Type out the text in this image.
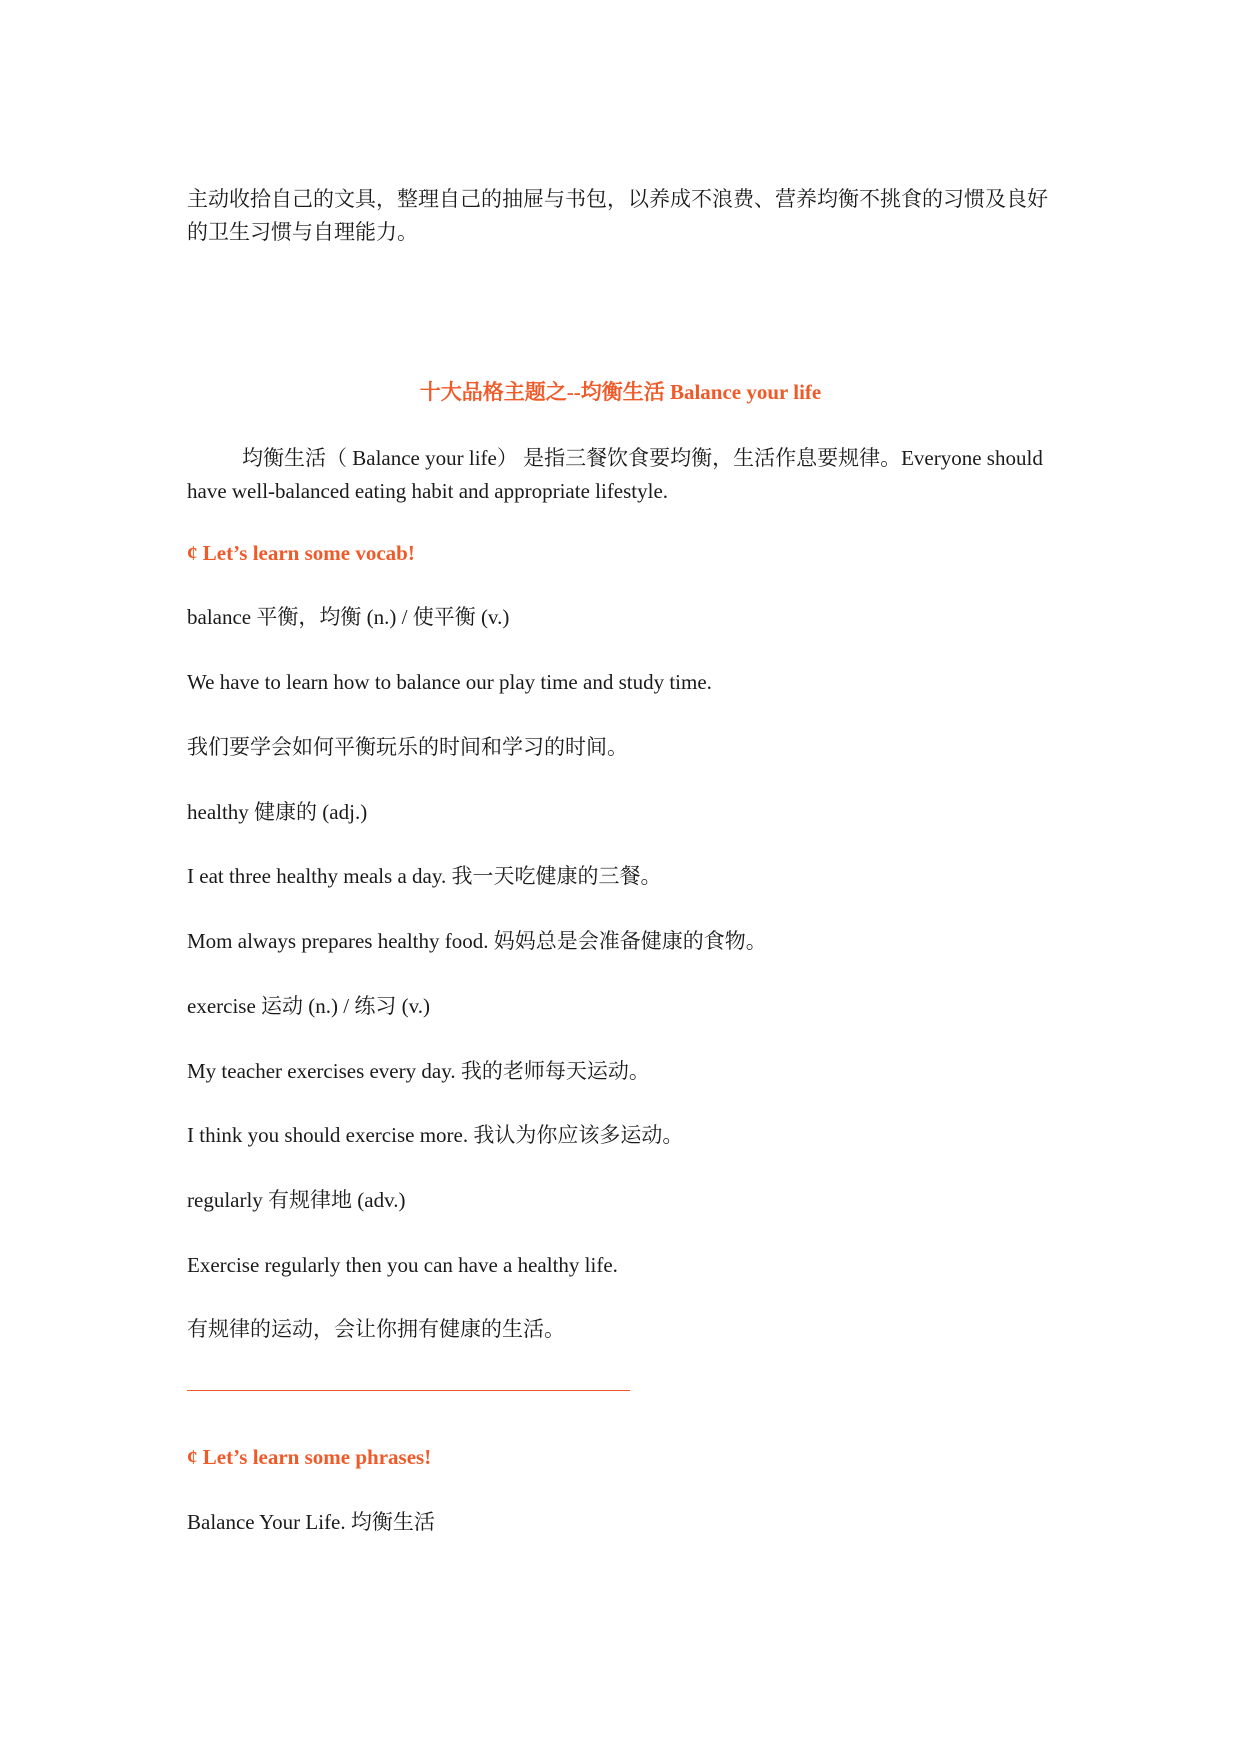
主动收拾自己的文具，整理自己的抽屉与书包，以养成不浪费、营养均衡不挑食的习惯及良好的卫生习惯与自理能力。

十大品格主题之--均衡生活 Balance your life

均衡生活（ Balance your life） 是指三餐饮食要均衡，生活作息要规律。Everyone should have well-balanced eating habit and appropriate lifestyle.

¢ Let’s learn some vocab!

balance 平衡，均衡 (n.) / 使平衡 (v.)

We have to learn how to balance our play time and study time.

我们要学会如何平衡玩乐的时间和学习的时间。

healthy 健康的 (adj.)

I eat three healthy meals a day. 我一天吃健康的三餐。

Mom always prepares healthy food. 妈妈总是会准备健康的食物。

exercise 运动 (n.) / 练习 (v.)

My teacher exercises every day. 我的老师每天运动。

I think you should exercise more. 我认为你应该多运动。

regularly 有规律地 (adv.)

Exercise regularly then you can have a healthy life.

有规律的运动，会让你拥有健康的生活。

¢ Let’s learn some phrases!

Balance Your Life. 均衡生活
